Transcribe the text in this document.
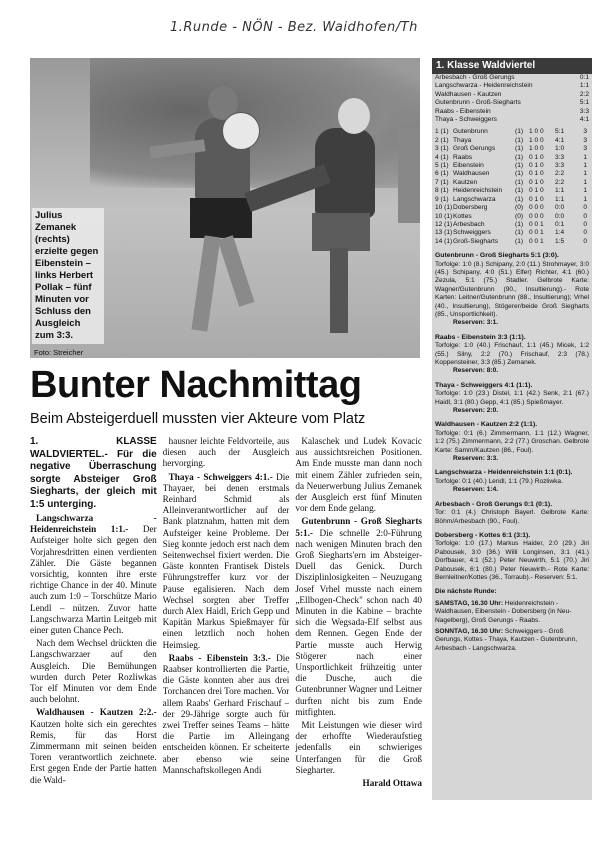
1.Runde - NÖN - Bez. Waidhofen/Th
Julius Zemanek (rechts) erzielte gegen Eibenstein – links Herbert Pollak – fünf Minuten vor Schluss den Ausgleich zum 3:3.
Foto: Streicher
Bunter Nachmittag
Beim Absteigerduell mussten vier Akteure vom Platz

1. KLASSE WALDVIERTEL.- Für die negative Überraschung sorgte Absteiger Groß Siegharts, der gleich mit 1:5 unterging.

Langschwarza - Heidenreichstein 1:1.- Der Aufsteiger holte sich gegen den Vorjahresdritten einen verdienten Zähler. Die Gäste begannen vorsichtig, konnten ihre erste richtige Chance in der 40. Minute auch zum 1:0 – Torschütze Mario Lendl – nützen. Zuvor hatte Langschwarza Martin Leitgeb mit einer guten Chance Pech.

Nach dem Wechsel drückten die Langschwarzaer auf den Ausgleich. Die Bemühungen wurden durch Peter Rozliwkas Tor elf Minuten vor dem Ende auch belohnt.

Waldhausen - Kautzen 2:2.- Kautzen holte sich ein gerechtes Remis, für das Horst Zimmermann mit seinen beiden Toren verantwortlich zeichnete. Erst gegen Ende der Partie hatten die Wald-

hausner leichte Feldvorteile, aus diesen auch der Ausgleich hervorging.

Thaya - Schweiggers 4:1.- Die Thayaer, bei denen erstmals Reinhard Schmid als Alleinverantwortlicher auf der Bank platznahm, hatten mit dem Aufsteiger keine Probleme. Der Sieg konnte jedoch erst nach dem Seitenwechsel fixiert werden. Die Gäste konnten Frantisek Distels Führungstreffer kurz vor der Pause egalisieren. Nach dem Wechsel sorgten aber Treffer durch Alex Haidl, Erich Gepp und Kapitän Markus Spießmayer für einen letztlich noch hohen Heimsieg.

Raabs - Eibenstein 3:3.- Die Raabser kontrollierten die Partie, die Gäste konnten aber aus drei Torchancen drei Tore machen. Vor allem Raabs' Gerhard Frischauf – der 29-Jährige sorgte auch für zwei Treffer seines Teams – hätte die Partie im Alleingang entscheiden können. Er scheiterte aber ebenso wie seine Mannschaftskollegen Andi

Kalaschek und Ludek Kovacic aus aussichtsreichen Positionen. Am Ende musste man dann noch mit einem Zähler zufrieden sein, da Neuerwerbung Julius Zemanek der Ausgleich erst fünf Minuten vor dem Ende gelang.

Gutenbrunn - Groß Siegharts 5:1.- Die schnelle 2:0-Führung nach wenigen Minuten brach den Groß Siegharts'ern im Absteiger-Duell das Genick. Durch Disziplinlosigkeiten – Neuzugang Josef Vrhel musste nach einem „Ellbogen-Check" schon nach 40 Minuten in die Kabine – brachte sich die Wegsada-Elf selbst aus dem Rennen. Gegen Ende der Partie musste auch Herwig Stögerer nach einer Unsportlichkeit frühzeitig unter die Dusche, auch die Gutenbrunner Wagner und Leitner durften nicht bis zum Ende mitfighten.

Mit Leistungen wie dieser wird der erhoffte Wiederaufstieg jedenfalls ein schwieriges Unterfangen für die Groß Siegharter.

Harald Ottawa

1. Klasse Waldviertel
Arbesbach - Groß Gerungs	0:1
Langschwarza - Heidenreichstein	1:1
Waldhausen - Kautzen	2:2
Gutenbrunn - Groß-Siegharts	5:1
Raabs - Eibenstein	3:3
Thaya - Schweiggers	4:1
1 (1) Gutenbrunn	(1) 1 0 0	5:1	3
2 (1) Thaya	(1) 1 0 0	4:1	3
3 (1) Groß Gerungs	(1) 1 0 0	1:0	3
4 (1) Raabs	(1) 0 1 0	3:3	1
5 (1) Eibenstein	(1) 0 1 0	3:3	1
6 (1) Waldhausen	(1) 0 1 0	2:2	1
7 (1) Kautzen	(1) 0 1 0	2:2	1
8 (1) Heidenreichstein	(1) 0 1 0	1:1	1
9 (1) Langschwarza	(1) 0 1 0	1:1	1
10 (1) Dobersberg	(0) 0 0 0	0:0	0
10 (1) Kottes	(0) 0 0 0	0:0	0
12 (1) Arbesbach	(1) 0 0 1	0:1	0
13 (1) Schweiggers	(1) 0 0 1	1:4	0
14 (1) Groß-Siegharts	(1) 0 0 1	1:5	0
Gutenbrunn - Groß Siegharts 5:1 (3:0).
Torfolge: 1:0 (8.) Schipany, 2:0 (11.) Strohmayer, 3:0 (45.) Schipany, 4:0 (51.) Elfer) Richter, 4:1 (60.) Zezula, 5:1 (75.) Stadler. Gelbrote Karte: Wagner/Gutenbrunn (90., Insultierung).- Rote Karten: Leitner/Gutenbrunn (88., Insultierung); Vrhel (40., Insultierung), Stögerer/beide Groß Siegharts (85., Unsportlichkeit).
Reserven: 3:1.
Raabs - Eibenstein 3:3 (1:1).
Torfolge: 1:0 (40.) Frischauf, 1:1 (45.) Micek, 1:2 (55.) Silny, 2:2 (70.) Frischauf, 2:3 (78.) Koppensteiner, 3:3 (85.) Zemanek.
Reserven: 8:0.
Thaya - Schweiggers 4:1 (1:1).
Torfolge: 1:0 (23.) Distel, 1:1 (42.) Senk, 2:1 (67.) Haidl, 3:1 (80.) Gepp, 4:1 (85.) Spießmayer.
Reserven: 2:0.
Waldhausen - Kautzen 2:2 (1:1).
Torfolge: 0:1 (6.) Zimmermann, 1:1 (12.) Wagner, 1:2 (75.) Zimmermann, 2:2 (77.) Groschan. Gelbrote Karte: Samm/Kautzen (86., Foul).
Reserven: 3:3.
Langschwarza - Heidenreichstein 1:1 (0:1).
Torfolge: 0:1 (40.) Lendl, 1:1 (79.) Rozliwka.
Reserven: 1:4.
Arbesbach - Groß Gerungs 0:1 (0:1).
Tor: 0:1 (4.) Christoph Bayerl. Gelbrote Karte: Böhm/Arbesbach (90., Foul).
Dobersberg - Kottes 6:1 (3:1).
Torfolge: 1:0 (17.) Markus Haider, 2:0 (29.) Jiri Pabousek, 3:0 (36.) Willi Longinsen, 3:1 (41.) Dorfbauer, 4:1 (52.) Peter Neuwirth, 5:1 (70.) Jiri Pabousek, 6:1 (80.) Peter Neuwirth.- Rote Karte: Bernleitner/Kottes (36., Torraub).- Reserven: 5:1.
Die nächste Runde:
SAMSTAG, 16.30 Uhr: Heidenreichstein - Waldhausen, Eibenstein - Dobersberg (in Neu-Nagelberg), Groß Gerungs - Raabs.
SONNTAG, 16.30 Uhr: Schweiggers - Groß Gerungs, Kottes - Thaya, Kautzen - Gutenbrunn, Arbesbach - Langschwarza.
